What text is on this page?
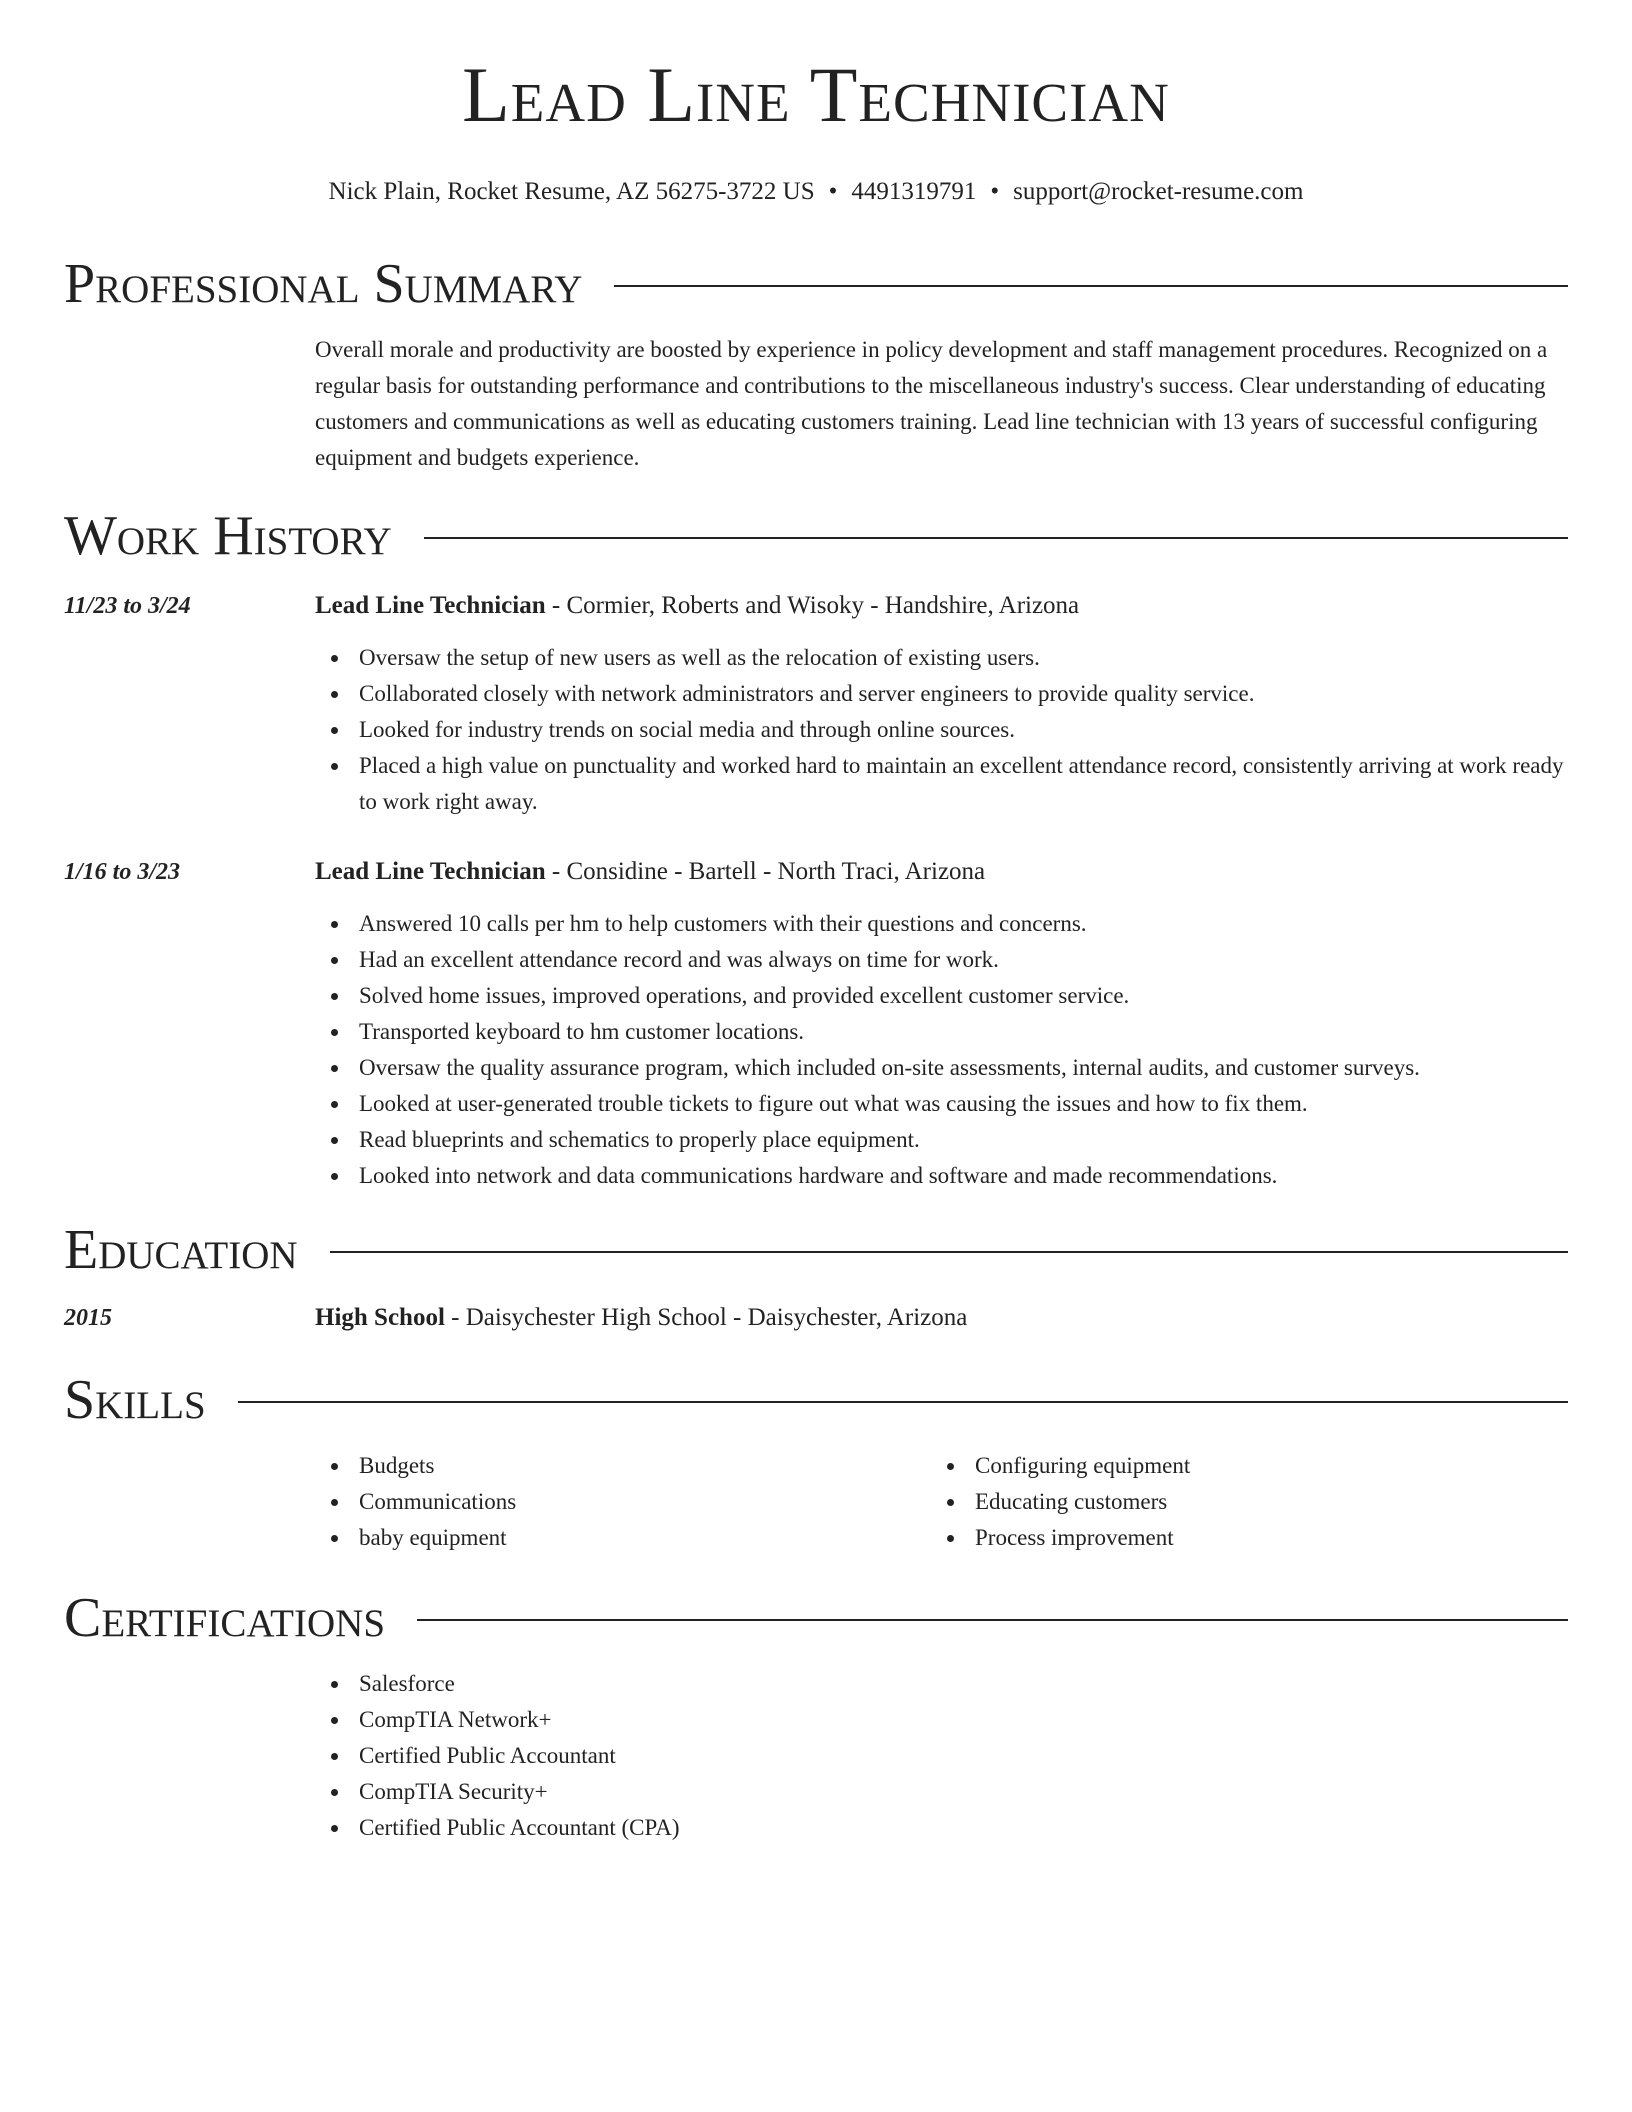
Lead Line Technician
Nick Plain, Rocket Resume, AZ 56275-3722 US • 4491319791 • support@rocket-resume.com
Professional Summary

Overall morale and productivity are boosted by experience in policy development and staff management procedures. Recognized on a regular basis for outstanding performance and contributions to the miscellaneous industry's success. Clear understanding of educating customers and communications as well as educating customers training. Lead line technician with 13 years of successful configuring equipment and budgets experience.

Work History
11/23 to 3/24	Lead Line Technician - Cormier, Roberts and Wisoky - Handshire, Arizona
Oversaw the setup of new users as well as the relocation of existing users.
Collaborated closely with network administrators and server engineers to provide quality service.
Looked for industry trends on social media and through online sources.
Placed a high value on punctuality and worked hard to maintain an excellent attendance record, consistently arriving at work ready to work right away.
1/16 to 3/23	Lead Line Technician - Considine - Bartell - North Traci, Arizona
Answered 10 calls per hm to help customers with their questions and concerns.
Had an excellent attendance record and was always on time for work.
Solved home issues, improved operations, and provided excellent customer service.
Transported keyboard to hm customer locations.
Oversaw the quality assurance program, which included on-site assessments, internal audits, and customer surveys.
Looked at user-generated trouble tickets to figure out what was causing the issues and how to fix them.
Read blueprints and schematics to properly place equipment.
Looked into network and data communications hardware and software and made recommendations.
Education
2015	High School - Daisychester High School - Daisychester, Arizona
Skills
Budgets
Communications
baby equipment
Configuring equipment
Educating customers
Process improvement
Certifications
Salesforce
CompTIA Network+
Certified Public Accountant
CompTIA Security+
Certified Public Accountant (CPA)
